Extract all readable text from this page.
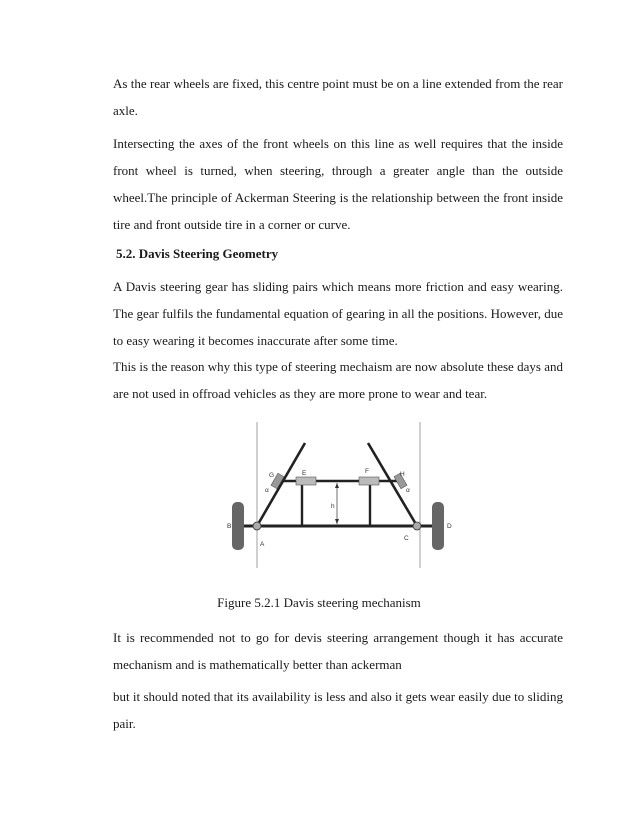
As the rear wheels are fixed, this centre point must be on a line extended from the rear axle.

Intersecting the axes of the front wheels on this line as well requires that the inside front wheel is turned, when steering, through a greater angle than the outside wheel.The principle of Ackerman Steering is the relationship between the front inside tire and front outside tire in a corner or curve.

5.2. Davis Steering Geometry

A Davis steering gear has sliding pairs which means more friction and easy wearing. The gear fulfils the fundamental equation of gearing in all the positions. However, due to easy wearing it becomes inaccurate after some time.

This is the reason why this type of steering mechaism are now absolute these days and are not used in offroad vehicles as they are more prone to wear and tear.

B	D
A
C
E	F
G	H
h
α	α

Figure 5.2.1 Davis steering mechanism

It is recommended not to go for devis steering arrangement though it has accurate mechanism and is mathematically better than ackerman

but it should noted that its availability is less and also it gets wear easily due to sliding pair.
